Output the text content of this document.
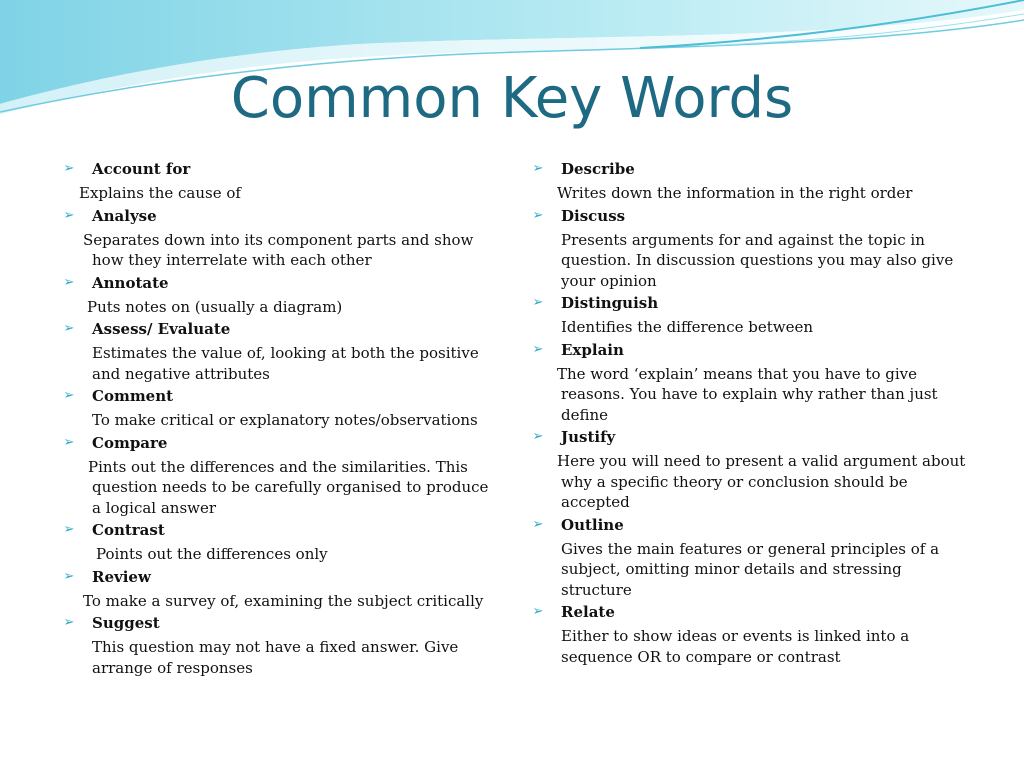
Common Key Words
➢ Account for
Explains the cause of
➢ Analyse
Separates down into its component parts and show how they interrelate with each other
➢ Annotate
Puts notes on (usually a diagram)
➢ Assess/ Evaluate
Estimates the value of, looking at both the positive and negative attributes
➢ Comment
To make critical or explanatory notes/observations
➢ Compare
Pints out the differences and the similarities. This question needs to be carefully organised to produce a logical answer
➢ Contrast
Points out the differences only
➢ Review
To make a survey of, examining the subject critically
➢ Suggest
This question may not have a fixed answer. Give arrange of responses
➢ Describe
Writes down the information in the right order
➢ Discuss
Presents arguments for and against the topic in question. In discussion questions you may also give your opinion
➢ Distinguish
Identifies the difference between
➢ Explain
The word ‘explain’ means that you have to give reasons. You have to explain why rather than just define
➢ Justify
Here you will need to present a valid argument about why a specific theory or conclusion should be accepted
➢ Outline
Gives the main features or general principles of a subject, omitting minor details and stressing structure
➢ Relate
Either to show ideas or events is linked into a sequence OR to compare or contrast
